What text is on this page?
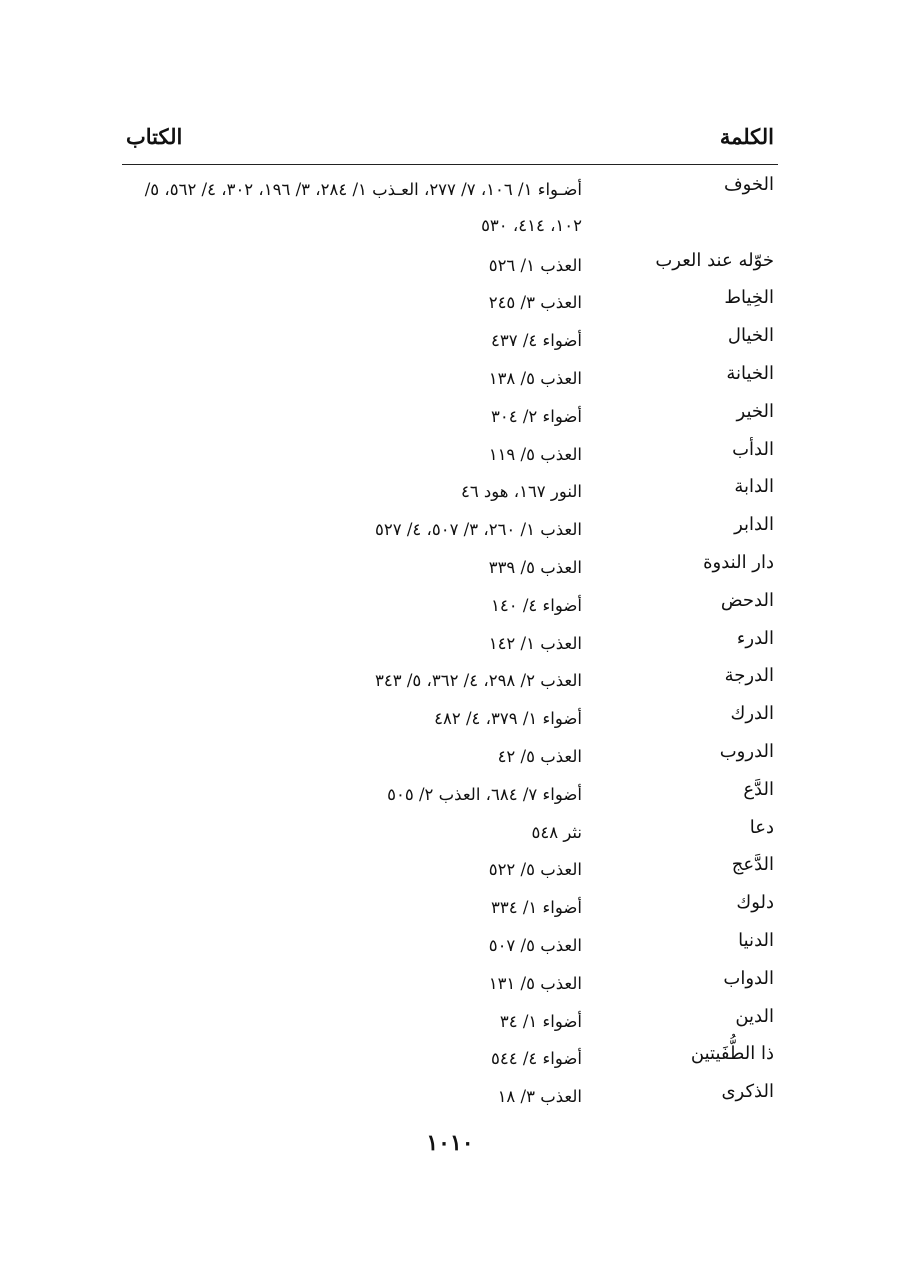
الكلمة
الكتاب
الخوف
أضـواء ١/ ١٠٦، ٧/ ٢٧٧، العـذب ١/ ٢٨٤، ٣/ ١٩٦، ٣٠٢، ٤/ ٥٦٢، ٥/ ١٠٢، ٤١٤، ٥٣٠
خوّله عند العرب
العذب ١/ ٥٢٦
الخِياط
العذب ٣/ ٢٤٥
الخيال
أضواء ٤/ ٤٣٧
الخيانة
العذب ٥/ ١٣٨
الخير
أضواء ٢/ ٣٠٤
الدأب
العذب ٥/ ١١٩
الدابة
النور ١٦٧، هود ٤٦
الدابر
العذب ١/ ٢٦٠، ٣/ ٥٠٧، ٤/ ٥٢٧
دار الندوة
العذب ٥/ ٣٣٩
الدحض
أضواء ٤/ ١٤٠
الدرء
العذب ١/ ١٤٢
الدرجة
العذب ٢/ ٢٩٨، ٤/ ٣٦٢، ٥/ ٣٤٣
الدرك
أضواء ١/ ٣٧٩، ٤/ ٤٨٢
الدروب
العذب ٥/ ٤٢
الدَّع
أضواء ٧/ ٦٨٤، العذب ٢/ ٥٠٥
دعا
نثر ٥٤٨
الدَّعج
العذب ٥/ ٥٢٢
دلوك
أضواء ١/ ٣٣٤
الدنيا
العذب ٥/ ٥٠٧
الدواب
العذب ٥/ ١٣١
الدين
أضواء ١/ ٣٤
ذا الطُّفَيتين
أضواء ٤/ ٥٤٤
الذكرى
العذب ٣/ ١٨
١٠١٠
